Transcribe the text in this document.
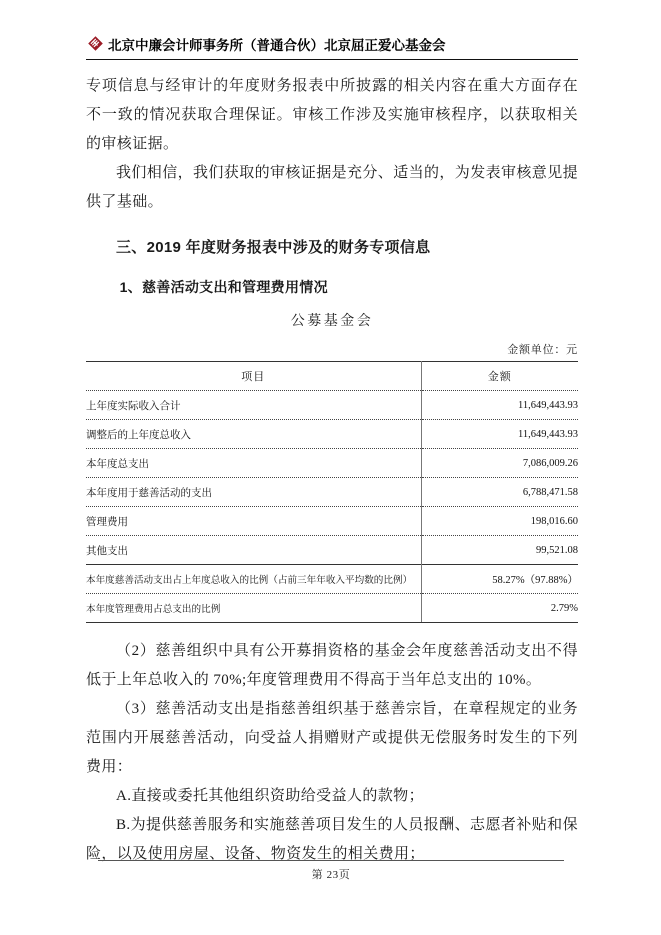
北京中廉会计师事务所（普通合伙）北京屈正爱心基金会

专项信息与经审计的年度财务报表中所披露的相关内容在重大方面存在不一致的情况获取合理保证。审核工作涉及实施审核程序，以获取相关的审核证据。

我们相信，我们获取的审核证据是充分、适当的，为发表审核意见提供了基础。

三、2019 年度财务报表中涉及的财务专项信息
1、慈善活动支出和管理费用情况

公募基金会

金额单位：元

项目	金额
上年度实际收入合计	11,649,443.93
调整后的上年度总收入	11,649,443.93
本年度总支出	7,086,009.26
本年度用于慈善活动的支出	6,788,471.58
管理费用	198,016.60
其他支出	99,521.08
本年度慈善活动支出占上年度总收入的比例（占前三年年收入平均数的比例）	58.27%（97.88%）
本年度管理费用占总支出的比例	2.79%

（2）慈善组织中具有公开募捐资格的基金会年度慈善活动支出不得低于上年总收入的 70%;年度管理费用不得高于当年总支出的 10%。

（3）慈善活动支出是指慈善组织基于慈善宗旨，在章程规定的业务范围内开展慈善活动，向受益人捐赠财产或提供无偿服务时发生的下列费用：

A.直接或委托其他组织资助给受益人的款物；

B.为提供慈善服务和实施慈善项目发生的人员报酬、志愿者补贴和保险，以及使用房屋、设备、物资发生的相关费用；

第 23页
